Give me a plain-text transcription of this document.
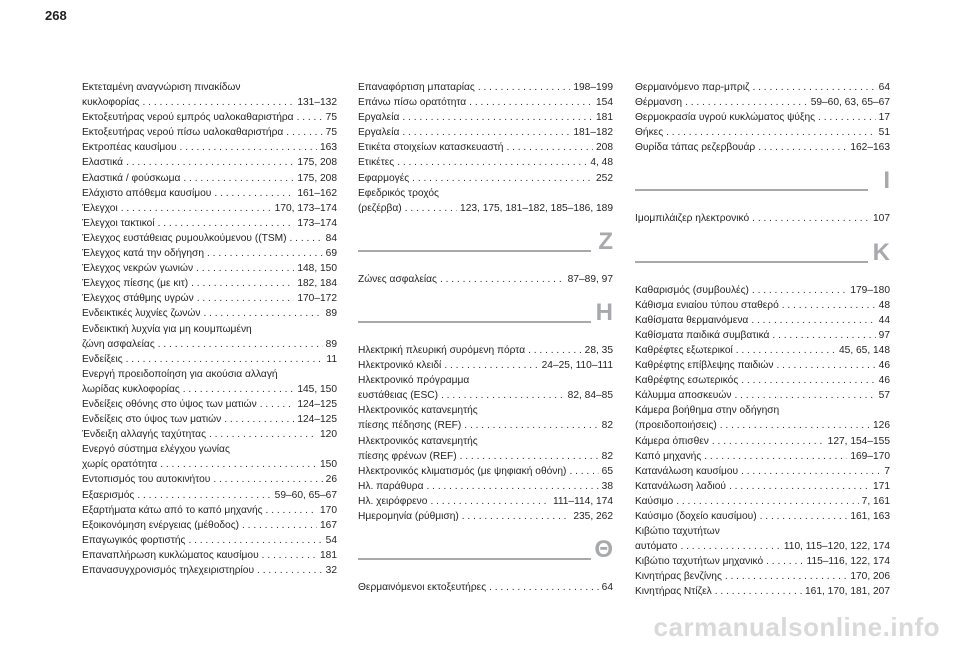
268
Εκτεταμένη αναγνώριση πινακίδων
κυκλοφορίας . . .	131–132
Εκτοξευτήρας νερού εμπρός υαλοκαθαριστήρα . . .	75
Εκτοξευτήρας νερού πίσω υαλοκαθαριστήρα . . .	75
Εκτροπέας καυσίμου . . .	163
Ελαστικά . . .	175, 208
Ελαστικά / φούσκωμα . . .	175, 208
Ελάχιστο απόθεμα καυσίμου . . .	161–162
Έλεγχοι . . .	170, 173–174
Έλεγχοι τακτικοί . . .	173–174
Έλεγχος ευστάθειας ρυμουλκούμενου ((TSM) . . .	84
Έλεγχος κατά την οδήγηση . . .	69
Έλεγχος νεκρών γωνιών . . .	148, 150
Έλεγχος πίεσης (με κιτ) . . .	182, 184
Έλεγχος στάθμης υγρών . . .	170–172
Ενδεικτικές λυχνίες ζωνών . . .	89
Ενδεικτική λυχνία για μη κουμπωμένη
ζώνη ασφαλείας . . .	89
Ενδείξεις . . .	11
Ενεργή προειδοποίηση για ακούσια αλλαγή
λωρίδας κυκλοφορίας . . .	145, 150
Ενδείξεις οθόνης στο ύψος των ματιών . . .	124–125
Ενδείξεις στο ύψος των ματιών . . .	124–125
Ένδειξη αλλαγής ταχύτητας . . .	120
Ενεργό σύστημα ελέγχου γωνίας
χωρίς ορατότητα . . .	150
Εντοπισμός του αυτοκινήτου . . .	26
Εξαερισμός . . .	59–60, 65–67
Εξαρτήματα κάτω από το καπό μηχανής . . .	170
Εξοικονόμηση ενέργειας (μέθοδος) . . .	167
Επαγωγικός φορτιστής . . .	54
Επαναπλήρωση κυκλώματος καυσίμου . . .	181
Επανασυγχρονισμός τηλεχειριστηρίου . . .	32
Επαναφόρτιση μπαταρίας . . .	198–199
Επάνω πίσω ορατότητα . . .	154
Εργαλεία . . .	181
Εργαλεία . . .	181–182
Ετικέτα στοιχείων κατασκευαστή . . .	208
Ετικέτες . . .	4, 48
Εφαρμογές . . .	252
Εφεδρικός τροχός
(ρεζέρβα) . . .	123, 175, 181–182, 185–186, 189
Z
Ζώνες ασφαλείας . . .	87–89, 97
H
Ηλεκτρική πλευρική συρόμενη πόρτα . . .	28, 35
Ηλεκτρονικό κλειδί . . .	24–25, 110–111
Ηλεκτρονικό πρόγραμμα
ευστάθειας (ESC) . . .	82, 84–85
Ηλεκτρονικός κατανεμητής
πίεσης πέδησης (REF) . . .	82
Ηλεκτρονικός κατανεμητής
πίεσης φρένων (REF) . . .	82
Ηλεκτρονικός κλιματισμός (με ψηφιακή οθόνη) . . .	65
Ηλ. παράθυρα . . .	38
Ηλ. χειρόφρενο . . .	111–114, 174
Ημερομηνία (ρύθμιση) . . .	235, 262
Θ
Θερμαινόμενοι εκτοξευτήρες . . .	64
Θερμαινόμενο παρ-μπριζ . . .	64
Θέρμανση . . .	59–60, 63, 65–67
Θερμοκρασία υγρού κυκλώματος ψύξης . . .	17
Θήκες . . .	51
Θυρίδα τάπας ρεζερβουάρ . . .	162–163
I
Ιμομπιλάιζερ ηλεκτρονικό . . .	107
K
Καθαρισμός (συμβουλές) . . .	179–180
Κάθισμα ενιαίου τύπου σταθερό . . .	48
Καθίσματα θερμαινόμενα . . .	44
Καθίσματα παιδικά συμβατικά . . .	97
Καθρέφτες εξωτερικοί . . .	45, 65, 148
Καθρέφτης επίβλεψης παιδιών . . .	46
Καθρέφτης εσωτερικός . . .	46
Κάλυμμα αποσκευών . . .	57
Κάμερα βοήθημα στην οδήγηση
(προειδοποιήσεις) . . .	126
Κάμερα όπισθεν . . .	127, 154–155
Καπό μηχανής . . .	169–170
Κατανάλωση καυσίμου . . .	7
Κατανάλωση λαδιού . . .	171
Καύσιμο . . .	7, 161
Καύσιμο (δοχείο καυσίμου) . . .	161, 163
Κιβώτιο ταχυτήτων
αυτόματο . . .	110, 115–120, 122, 174
Κιβώτιο ταχυτήτων μηχανικό . . .	115–116, 122, 174
Κινητήρας βενζίνης . . .	170, 206
Κινητήρας Ντίζελ . . .	161, 170, 181, 207
carmanualsonline.info
